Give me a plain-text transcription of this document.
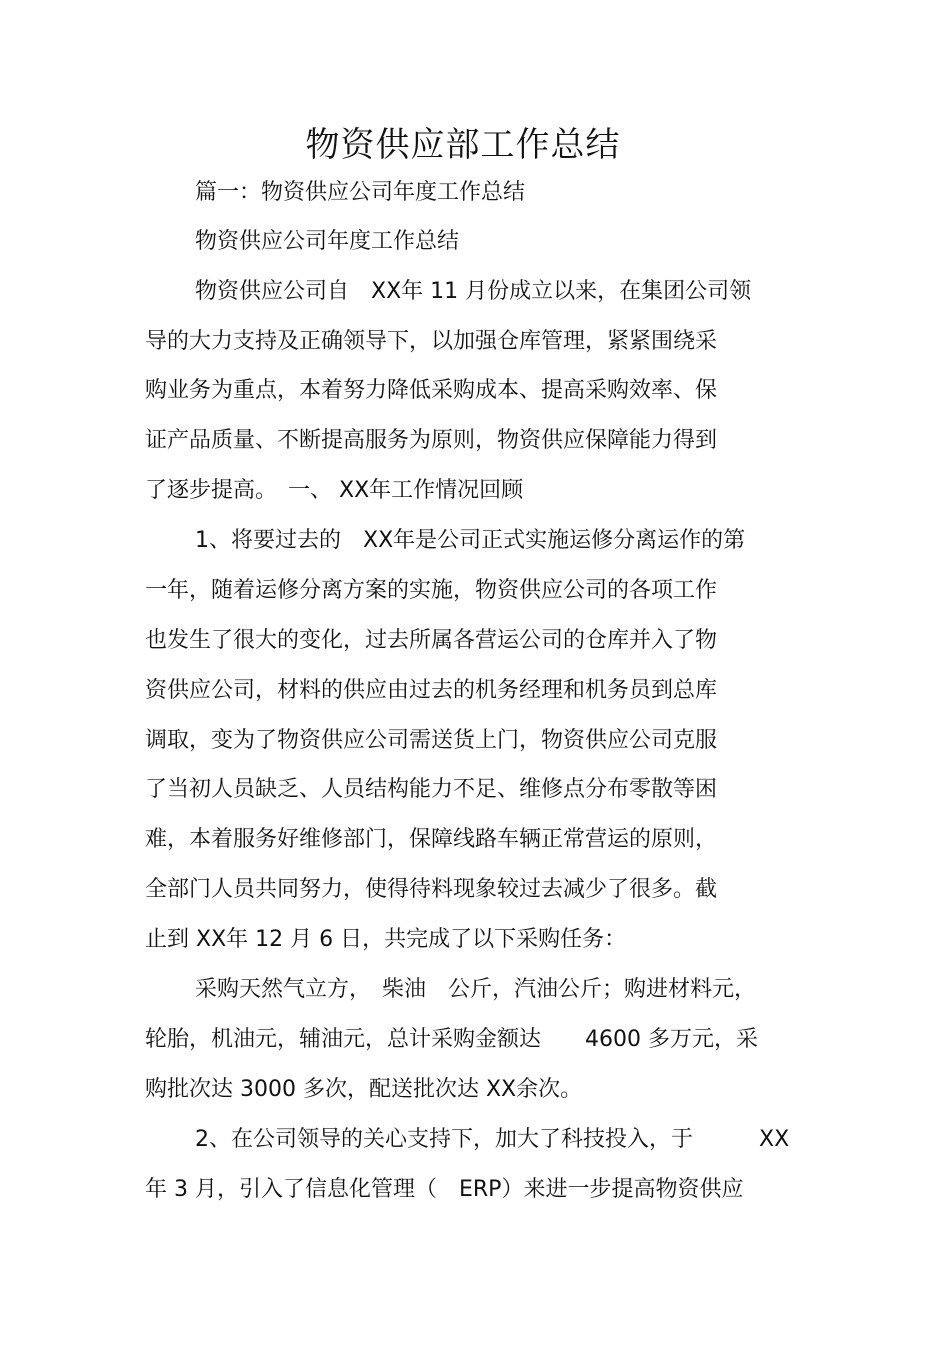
物资供应部工作总结
篇一：物资供应公司年度工作总结
物资供应公司年度工作总结
物资供应公司自　XX年 11 月份成立以来，在集团公司领
导的大力支持及正确领导下，以加强仓库管理，紧紧围绕采
购业务为重点，本着努力降低采购成本、提高采购效率、保
证产品质量、不断提高服务为原则，物资供应保障能力得到
了逐步提高。　一、 XX年工作情况回顾
1、将要过去的　XX年是公司正式实施运修分离运作的第
一年，随着运修分离方案的实施，物资供应公司的各项工作
也发生了很大的变化，过去所属各营运公司的仓库并入了物
资供应公司，材料的供应由过去的机务经理和机务员到总库
调取，变为了物资供应公司需送货上门，物资供应公司克服
了当初人员缺乏、人员结构能力不足、维修点分布零散等困
难，本着服务好维修部门，保障线路车辆正常营运的原则，
全部门人员共同努力，使得待料现象较过去减少了很多。截
止到 XX年 12 月 6 日，共完成了以下采购任务：
采购天然气立方，　柴油　公斤，汽油公斤；购进材料元，
轮胎，机油元，辅油元，总计采购金额达　　4600 多万元，采
购批次达 3000 多次，配送批次达 XX余次。
2、在公司领导的关心支持下，加大了科技投入，于　　　XX
年 3 月，引入了信息化管理（　ERP）来进一步提高物资供应
